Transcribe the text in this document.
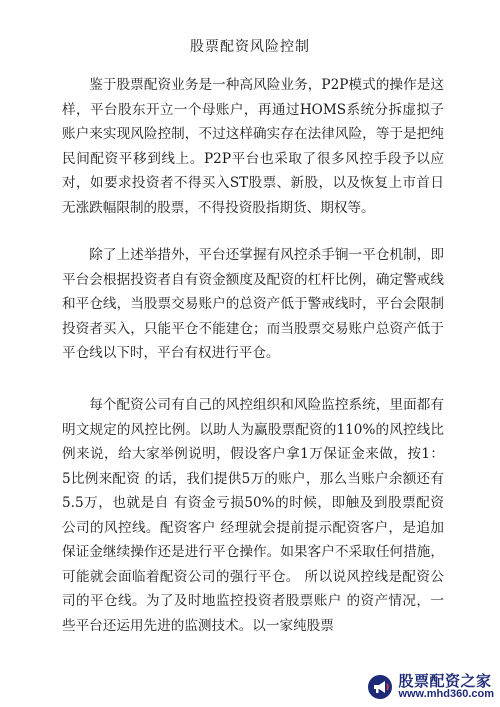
股票配资风险控制

鉴于股票配资业务是一种高风险业务，P2P模式的操作是这样，平台股东开立一个母账户，再通过HOMS系统分拆虚拟子账户来实现风险控制，不过这样确实存在法律风险，等于是把纯民间配资平移到线上。P2P平台也采取了很多风控手段予以应对，如要求投资者不得买入ST股票、新股，以及恢复上市首日无涨跌幅限制的股票，不得投资股指期货、期权等。

除了上述举措外，平台还掌握有风控杀手锏一平仓机制，即平台会根据投资者自有资金额度及配资的杠杆比例，确定警戒线和平仓线，当股票交易账户的总资产低于警戒线时，平台会限制投资者买入，只能平仓不能建仓；而当股票交易账户总资产低于平仓线以下时，平台有权进行平仓。

每个配资公司有自己的风控组织和风险监控系统，里面都有明文规定的风控比例。以助人为赢股票配资的110%的风控线比例来说，给大家举例说明，假设客户拿1万保证金来做，按1： 5比例来配资 的话，我们提供5万的账户，那么当账户余额还有5.5万，也就是自 有资金亏损50%的时候，即触及到股票配资公司的风控线。配资客户 经理就会提前提示配资客户，是追加保证金继续操作还是进行平仓操作。如果客户不采取任何措施，可能就会面临着配资公司的强行平仓。 所以说风控线是配资公司的平仓线。为了及时地监控投资者股票账户 的资产情况，一些平台还运用先进的监测技术。以一家纯股票

股票配资之家
www.mhd360.com
